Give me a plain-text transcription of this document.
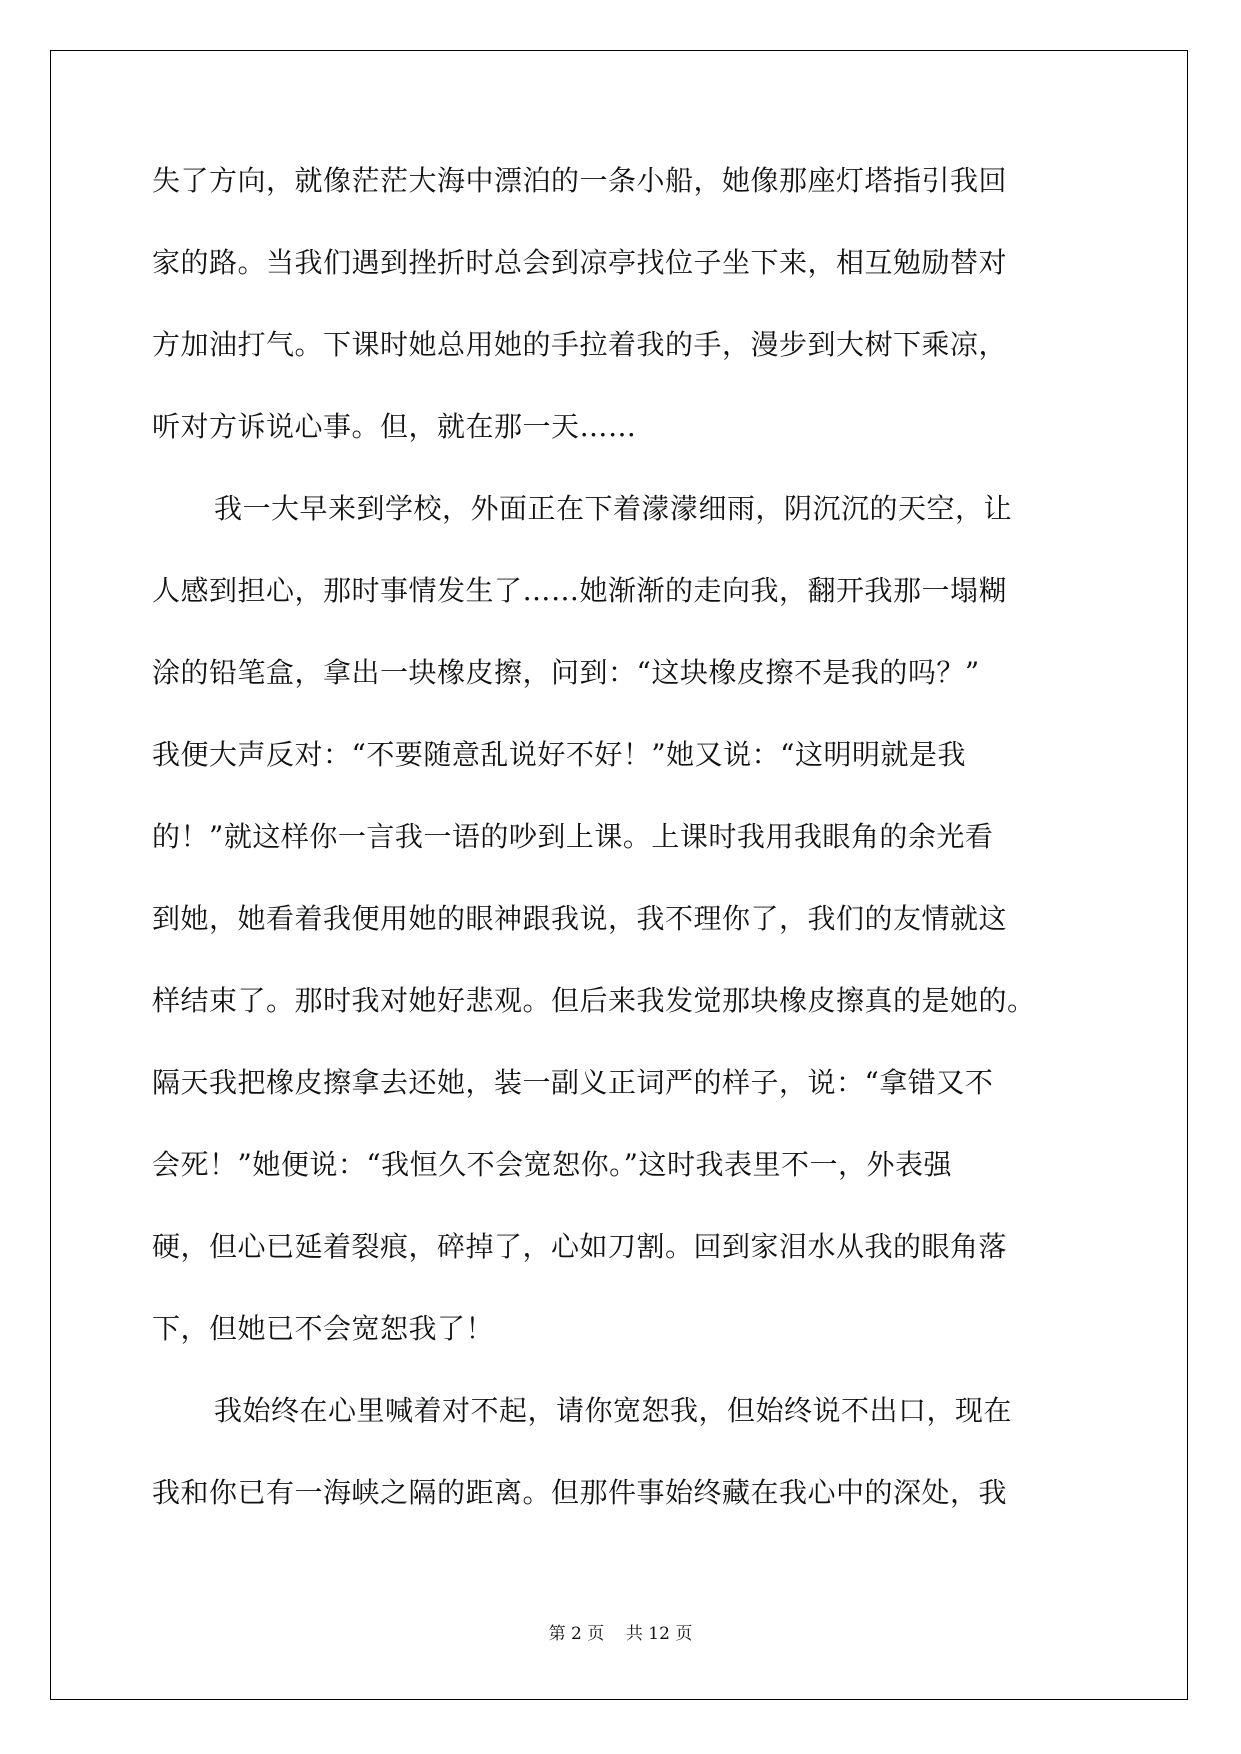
失了方向，就像茫茫大海中漂泊的一条小船，她像那座灯塔指引我回
家的路。当我们遇到挫折时总会到凉亭找位子坐下来，相互勉励替对
方加油打气。下课时她总用她的手拉着我的手，漫步到大树下乘凉，
听对方诉说心事。但，就在那一天……
我一大早来到学校，外面正在下着濛濛细雨，阴沉沉的天空，让
人感到担心，那时事情发生了……她渐渐的走向我，翻开我那一塌糊
涂的铅笔盒，拿出一块橡皮擦，问到：“这块橡皮擦不是我的吗？”
我便大声反对：“不要随意乱说好不好！”她又说：“这明明就是我
的！”就这样你一言我一语的吵到上课。上课时我用我眼角的余光看
到她，她看着我便用她的眼神跟我说，我不理你了，我们的友情就这
样结束了。那时我对她好悲观。但后来我发觉那块橡皮擦真的是她的。
隔天我把橡皮擦拿去还她，装一副义正词严的样子，说：“拿错又不
会死！”她便说：“我恒久不会宽恕你。”这时我表里不一，外表强
硬，但心已延着裂痕，碎掉了，心如刀割。回到家泪水从我的眼角落
下，但她已不会宽恕我了！
我始终在心里喊着对不起，请你宽恕我，但始终说不出口，现在
我和你已有一海峡之隔的距离。但那件事始终藏在我心中的深处，我
第 2 页    共 12 页
